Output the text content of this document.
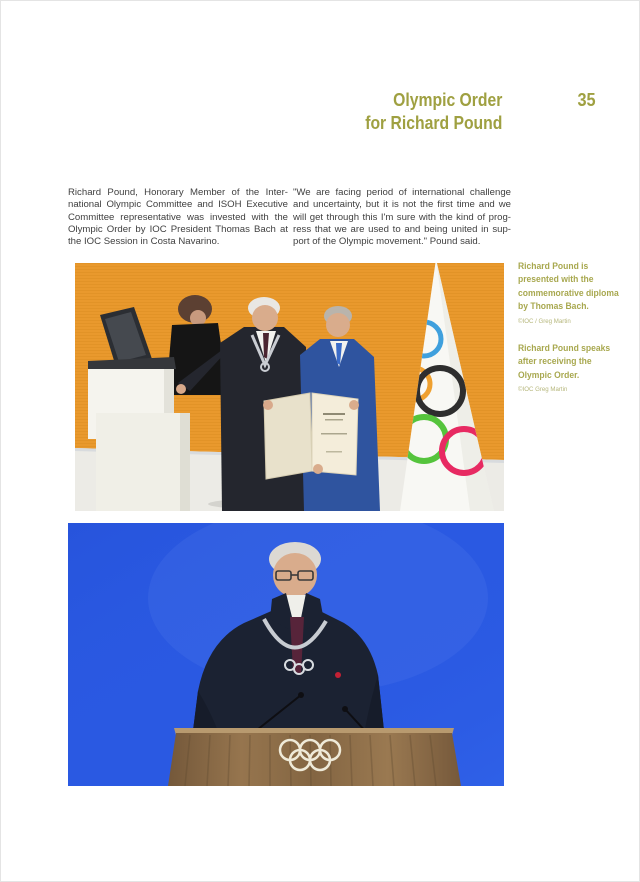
Olympic Order
for Richard Pound
35
Richard Pound, Honorary Member of the Inter-
national Olympic Committee and ISOH Executive
Committee representative was invested with the
Olympic Order by IOC President Thomas Bach at
the IOC Session in Costa Navarino.
"We are facing period of international challenge
and uncertainty, but it is not the first time and we
will get through this I'm sure with the kind of prog-
ress that we are used to and being united in sup-
port of the Olympic movement." Pound said.
Richard Pound is
presented with the
commemorative diploma
by Thomas Bach.
©IOC / Greg Martin
Richard Pound speaks
after receiving the
Olympic Order.
©IOC Greg Martin
